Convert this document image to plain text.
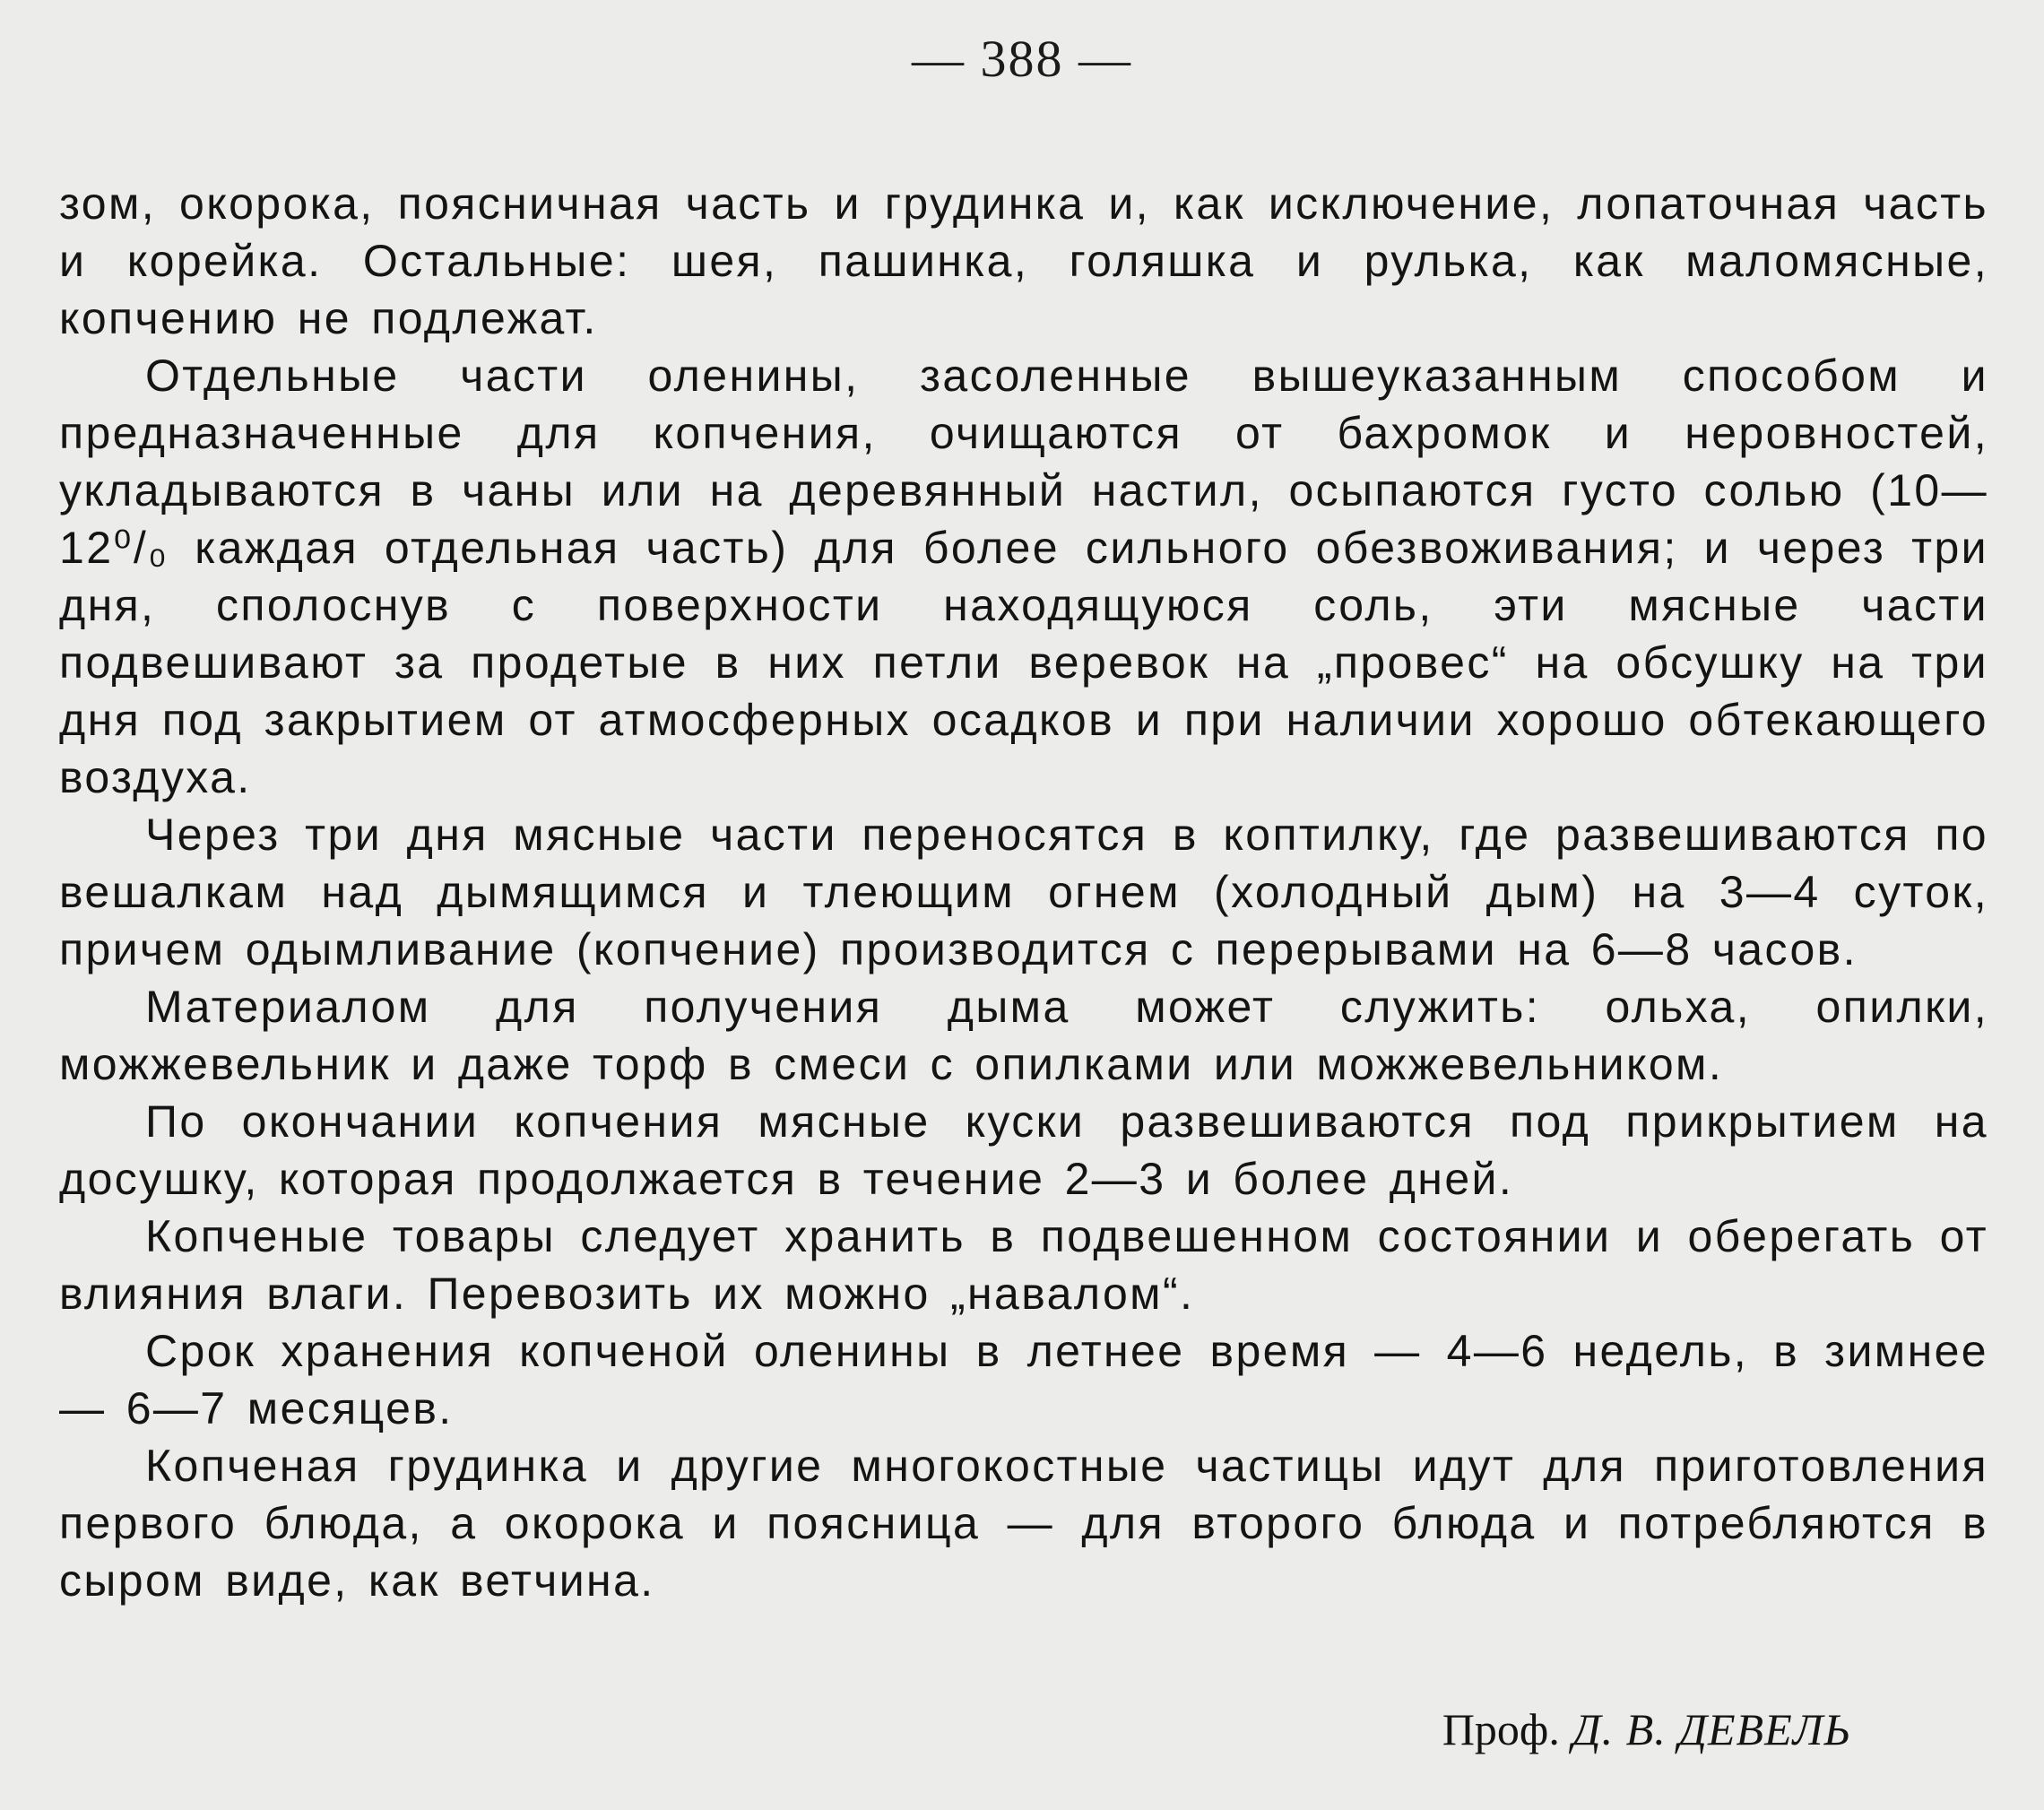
— 388 —

зом, окорока, поясничная часть и грудинка и, как исключение, лопаточная часть и корейка. Остальные: шея, пашинка, голяшка и рулька, как маломясные, копчению не подлежат.

Отдельные части оленины, засоленные вышеуказанным способом и предназначенные для копчения, очищаются от бахромок и неровностей, укладываются в чаны или на деревянный настил, осыпаются густо солью (10—12⁰/₀ каждая отдельная часть) для более сильного обезвоживания; и через три дня, сполоснув с поверхности находящуюся соль, эти мясные части подвешивают за продетые в них петли веревок на „провес“ на обсушку на три дня под закрытием от атмосферных осадков и при наличии хорошо обтекающего воздуха.

Через три дня мясные части переносятся в коптилку, где развешиваются по вешалкам над дымящимся и тлеющим огнем (холодный дым) на 3—4 суток, причем одымливание (копчение) производится с перерывами на 6—8 часов.

Материалом для получения дыма может служить: ольха, опилки, можжевельник и даже торф в смеси с опилками или можжевельником.

По окончании копчения мясные куски развешиваются под прикрытием на досушку, которая продолжается в течение 2—3 и более дней.

Копченые товары следует хранить в подвешенном состоянии и оберегать от влияния влаги. Перевозить их можно „навалом“.

Срок хранения копченой оленины в летнее время — 4—6 недель, в зимнее — 6—7 месяцев.

Копченая грудинка и другие многокостные частицы идут для приготовления первого блюда, а окорока и поясница — для второго блюда и потребляются в сыром виде, как ветчина.

Проф. Д. В. ДЕВЕЛЬ
